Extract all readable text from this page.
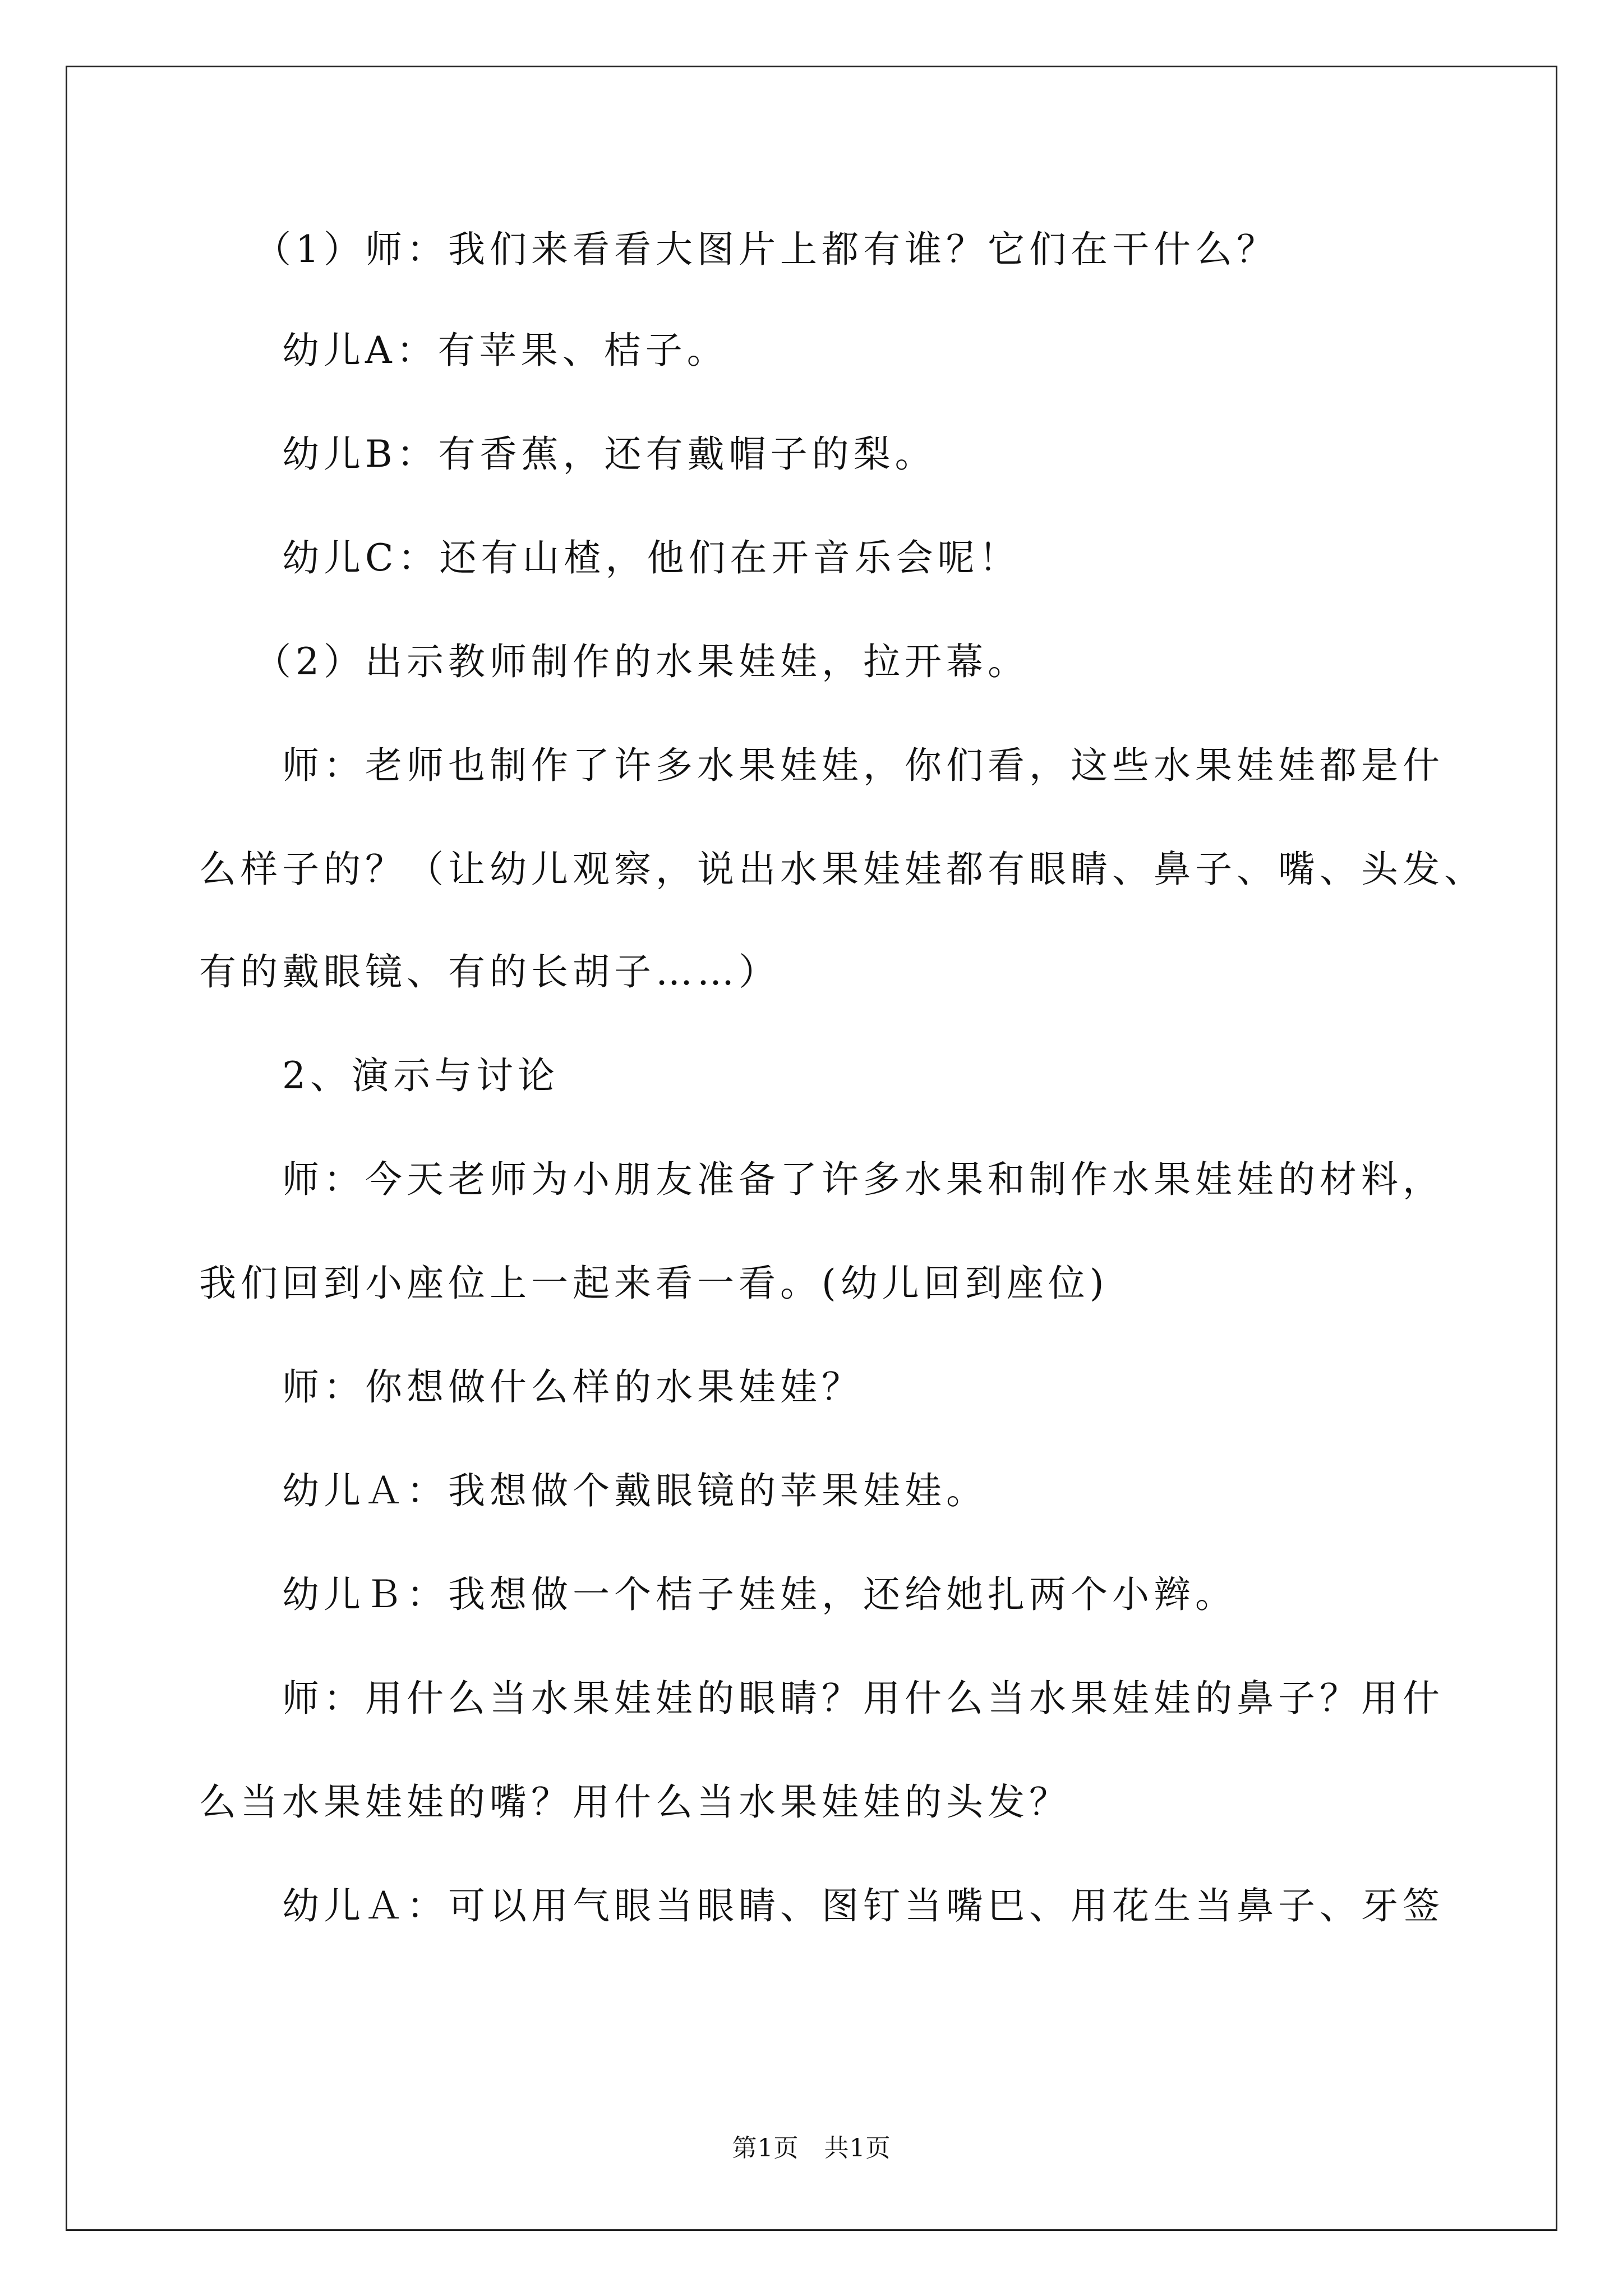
（1）师：我们来看看大图片上都有谁？它们在干什么？

幼儿A：有苹果、桔子。

幼儿B：有香蕉，还有戴帽子的梨。

幼儿C：还有山楂，他们在开音乐会呢！

（2）出示教师制作的水果娃娃，拉开幕。

师：老师也制作了许多水果娃娃，你们看，这些水果娃娃都是什

么样子的？（让幼儿观察，说出水果娃娃都有眼睛、鼻子、嘴、头发、

有的戴眼镜、有的长胡子……）

2、演示与讨论

师：今天老师为小朋友准备了许多水果和制作水果娃娃的材料，

我们回到小座位上一起来看一看。(幼儿回到座位)

师：你想做什么样的水果娃娃？

幼儿Ａ：我想做个戴眼镜的苹果娃娃。

幼儿Ｂ：我想做一个桔子娃娃，还给她扎两个小辫。

师：用什么当水果娃娃的眼睛？用什么当水果娃娃的鼻子？用什

么当水果娃娃的嘴？用什么当水果娃娃的头发？

幼儿Ａ：可以用气眼当眼睛、图钉当嘴巴、用花生当鼻子、牙签

第1页   共1页
